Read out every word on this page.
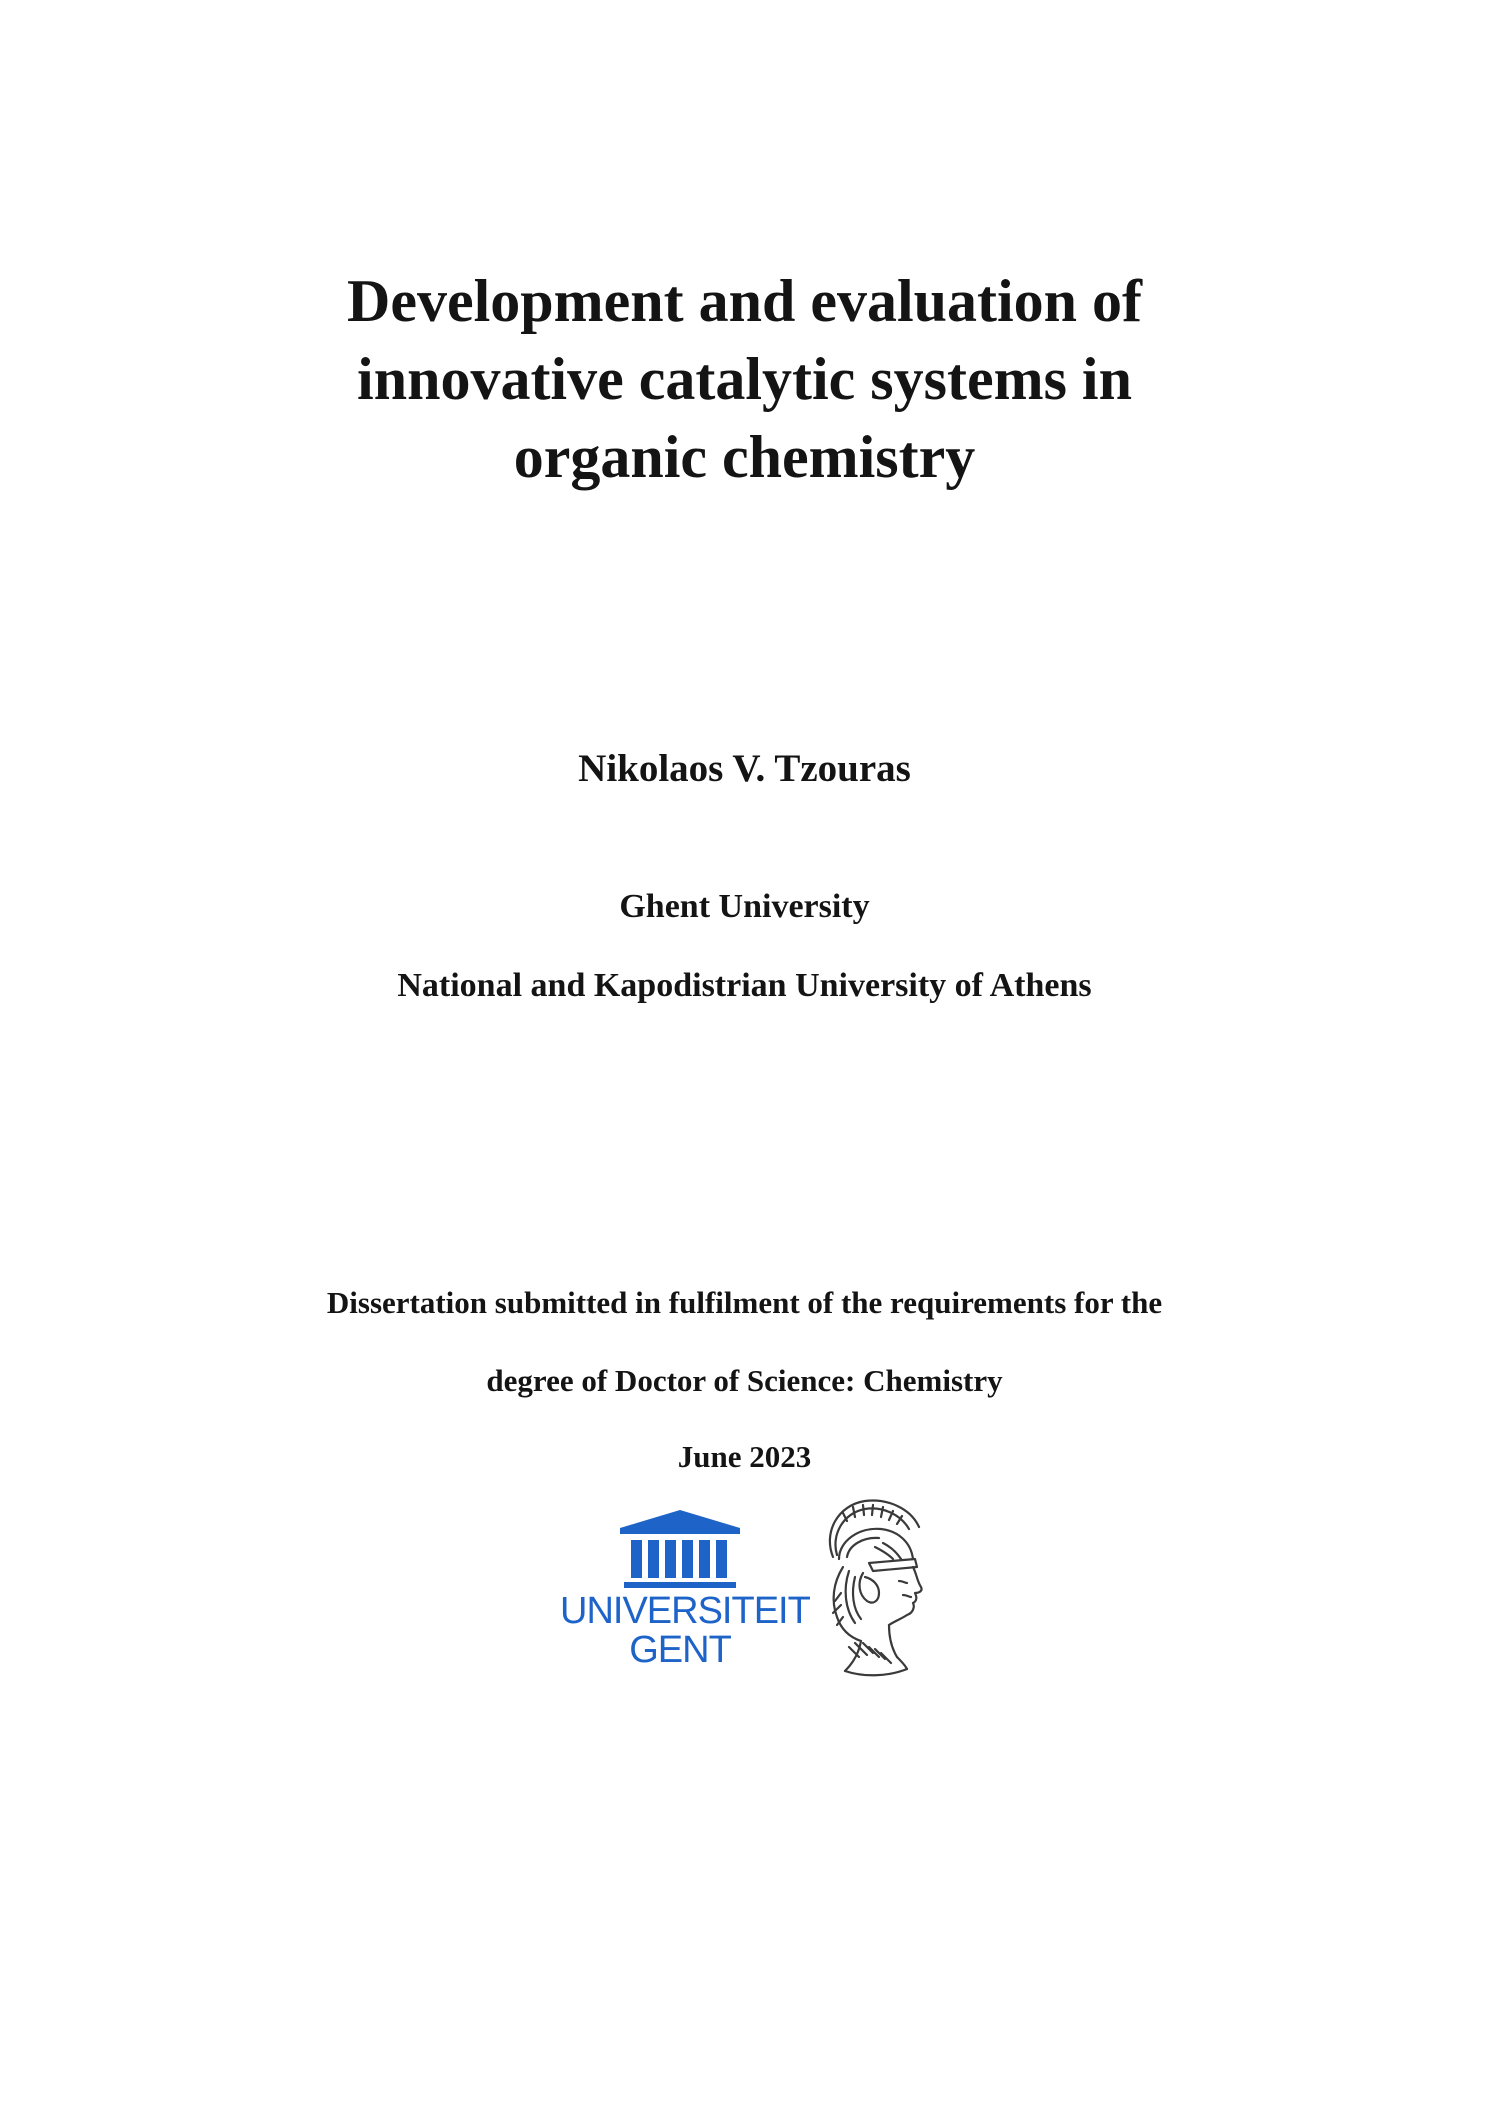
Development and evaluation of
innovative catalytic systems in
organic chemistry

Nikolaos V. Tzouras

Ghent University

National and Kapodistrian University of Athens

Dissertation submitted in fulfilment of the requirements for the

degree of Doctor of Science: Chemistry

June 2023

UNIVERSITEIT
GENT
